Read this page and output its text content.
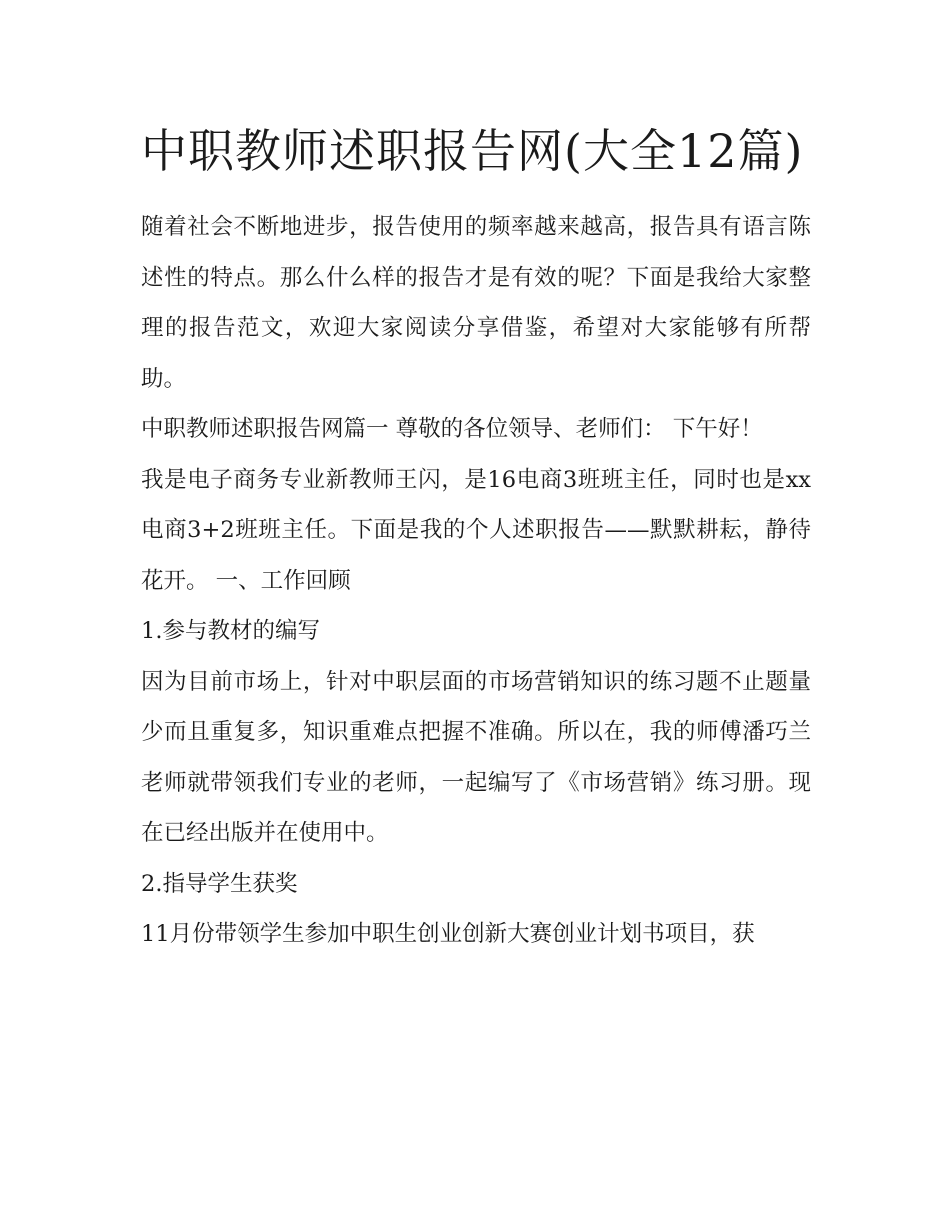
中职教师述职报告网(大全12篇)

随着社会不断地进步，报告使用的频率越来越高，报告具有语言陈述性的特点。那么什么样的报告才是有效的呢？下面是我给大家整理的报告范文，欢迎大家阅读分享借鉴，希望对大家能够有所帮助。

中职教师述职报告网篇一 尊敬的各位领导、老师们： 下午好！

我是电子商务专业新教师王闪，是16电商3班班主任，同时也是xx电商3+2班班主任。下面是我的个人述职报告——默默耕耘，静待花开。 一、工作回顾

1.参与教材的编写

因为目前市场上，针对中职层面的市场营销知识的练习题不止题量少而且重复多，知识重难点把握不准确。所以在，我的师傅潘巧兰老师就带领我们专业的老师，一起编写了《市场营销》练习册。现在已经出版并在使用中。

2.指导学生获奖

11月份带领学生参加中职生创业创新大赛创业计划书项目，获
